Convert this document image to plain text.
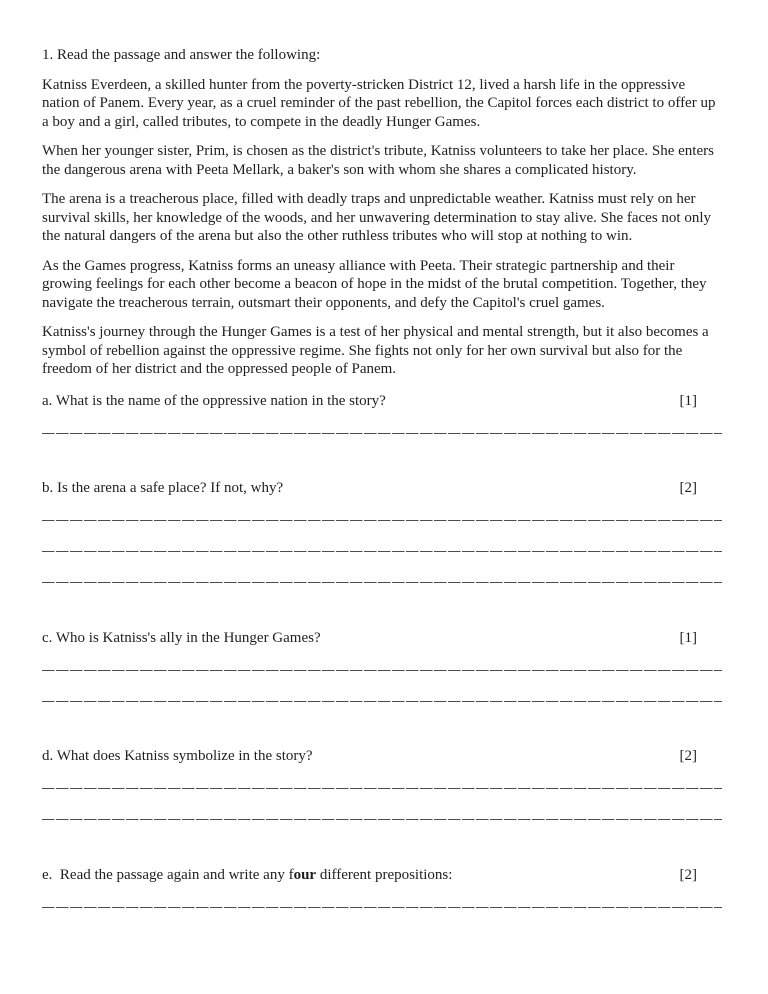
1. Read the passage and answer the following:

Katniss Everdeen, a skilled hunter from the poverty-stricken District 12, lived a harsh life in the oppressive nation of Panem. Every year, as a cruel reminder of the past rebellion, the Capitol forces each district to offer up a boy and a girl, called tributes, to compete in the deadly Hunger Games.

When her younger sister, Prim, is chosen as the district's tribute, Katniss volunteers to take her place. She enters the dangerous arena with Peeta Mellark, a baker's son with whom she shares a complicated history.

The arena is a treacherous place, filled with deadly traps and unpredictable weather. Katniss must rely on her survival skills, her knowledge of the woods, and her unwavering determination to stay alive. She faces not only the natural dangers of the arena but also the other ruthless tributes who will stop at nothing to win.

As the Games progress, Katniss forms an uneasy alliance with Peeta. Their strategic partnership and their growing feelings for each other become a beacon of hope in the midst of the brutal competition. Together, they navigate the treacherous terrain, outsmart their opponents, and defy the Capitol's cruel games.

Katniss's journey through the Hunger Games is a test of her physical and mental strength, but it also becomes a symbol of rebellion against the oppressive regime. She fights not only for her own survival but also for the freedom of her district and the oppressed people of Panem.

a. What is the name of the oppressive nation in the story?	[1]
b. Is the arena a safe place? If not, why?	[2]
c. Who is Katniss's ally in the Hunger Games?	[1]
d. What does Katniss symbolize in the story?	[2]
e.  Read the passage again and write any four different prepositions:	[2]
